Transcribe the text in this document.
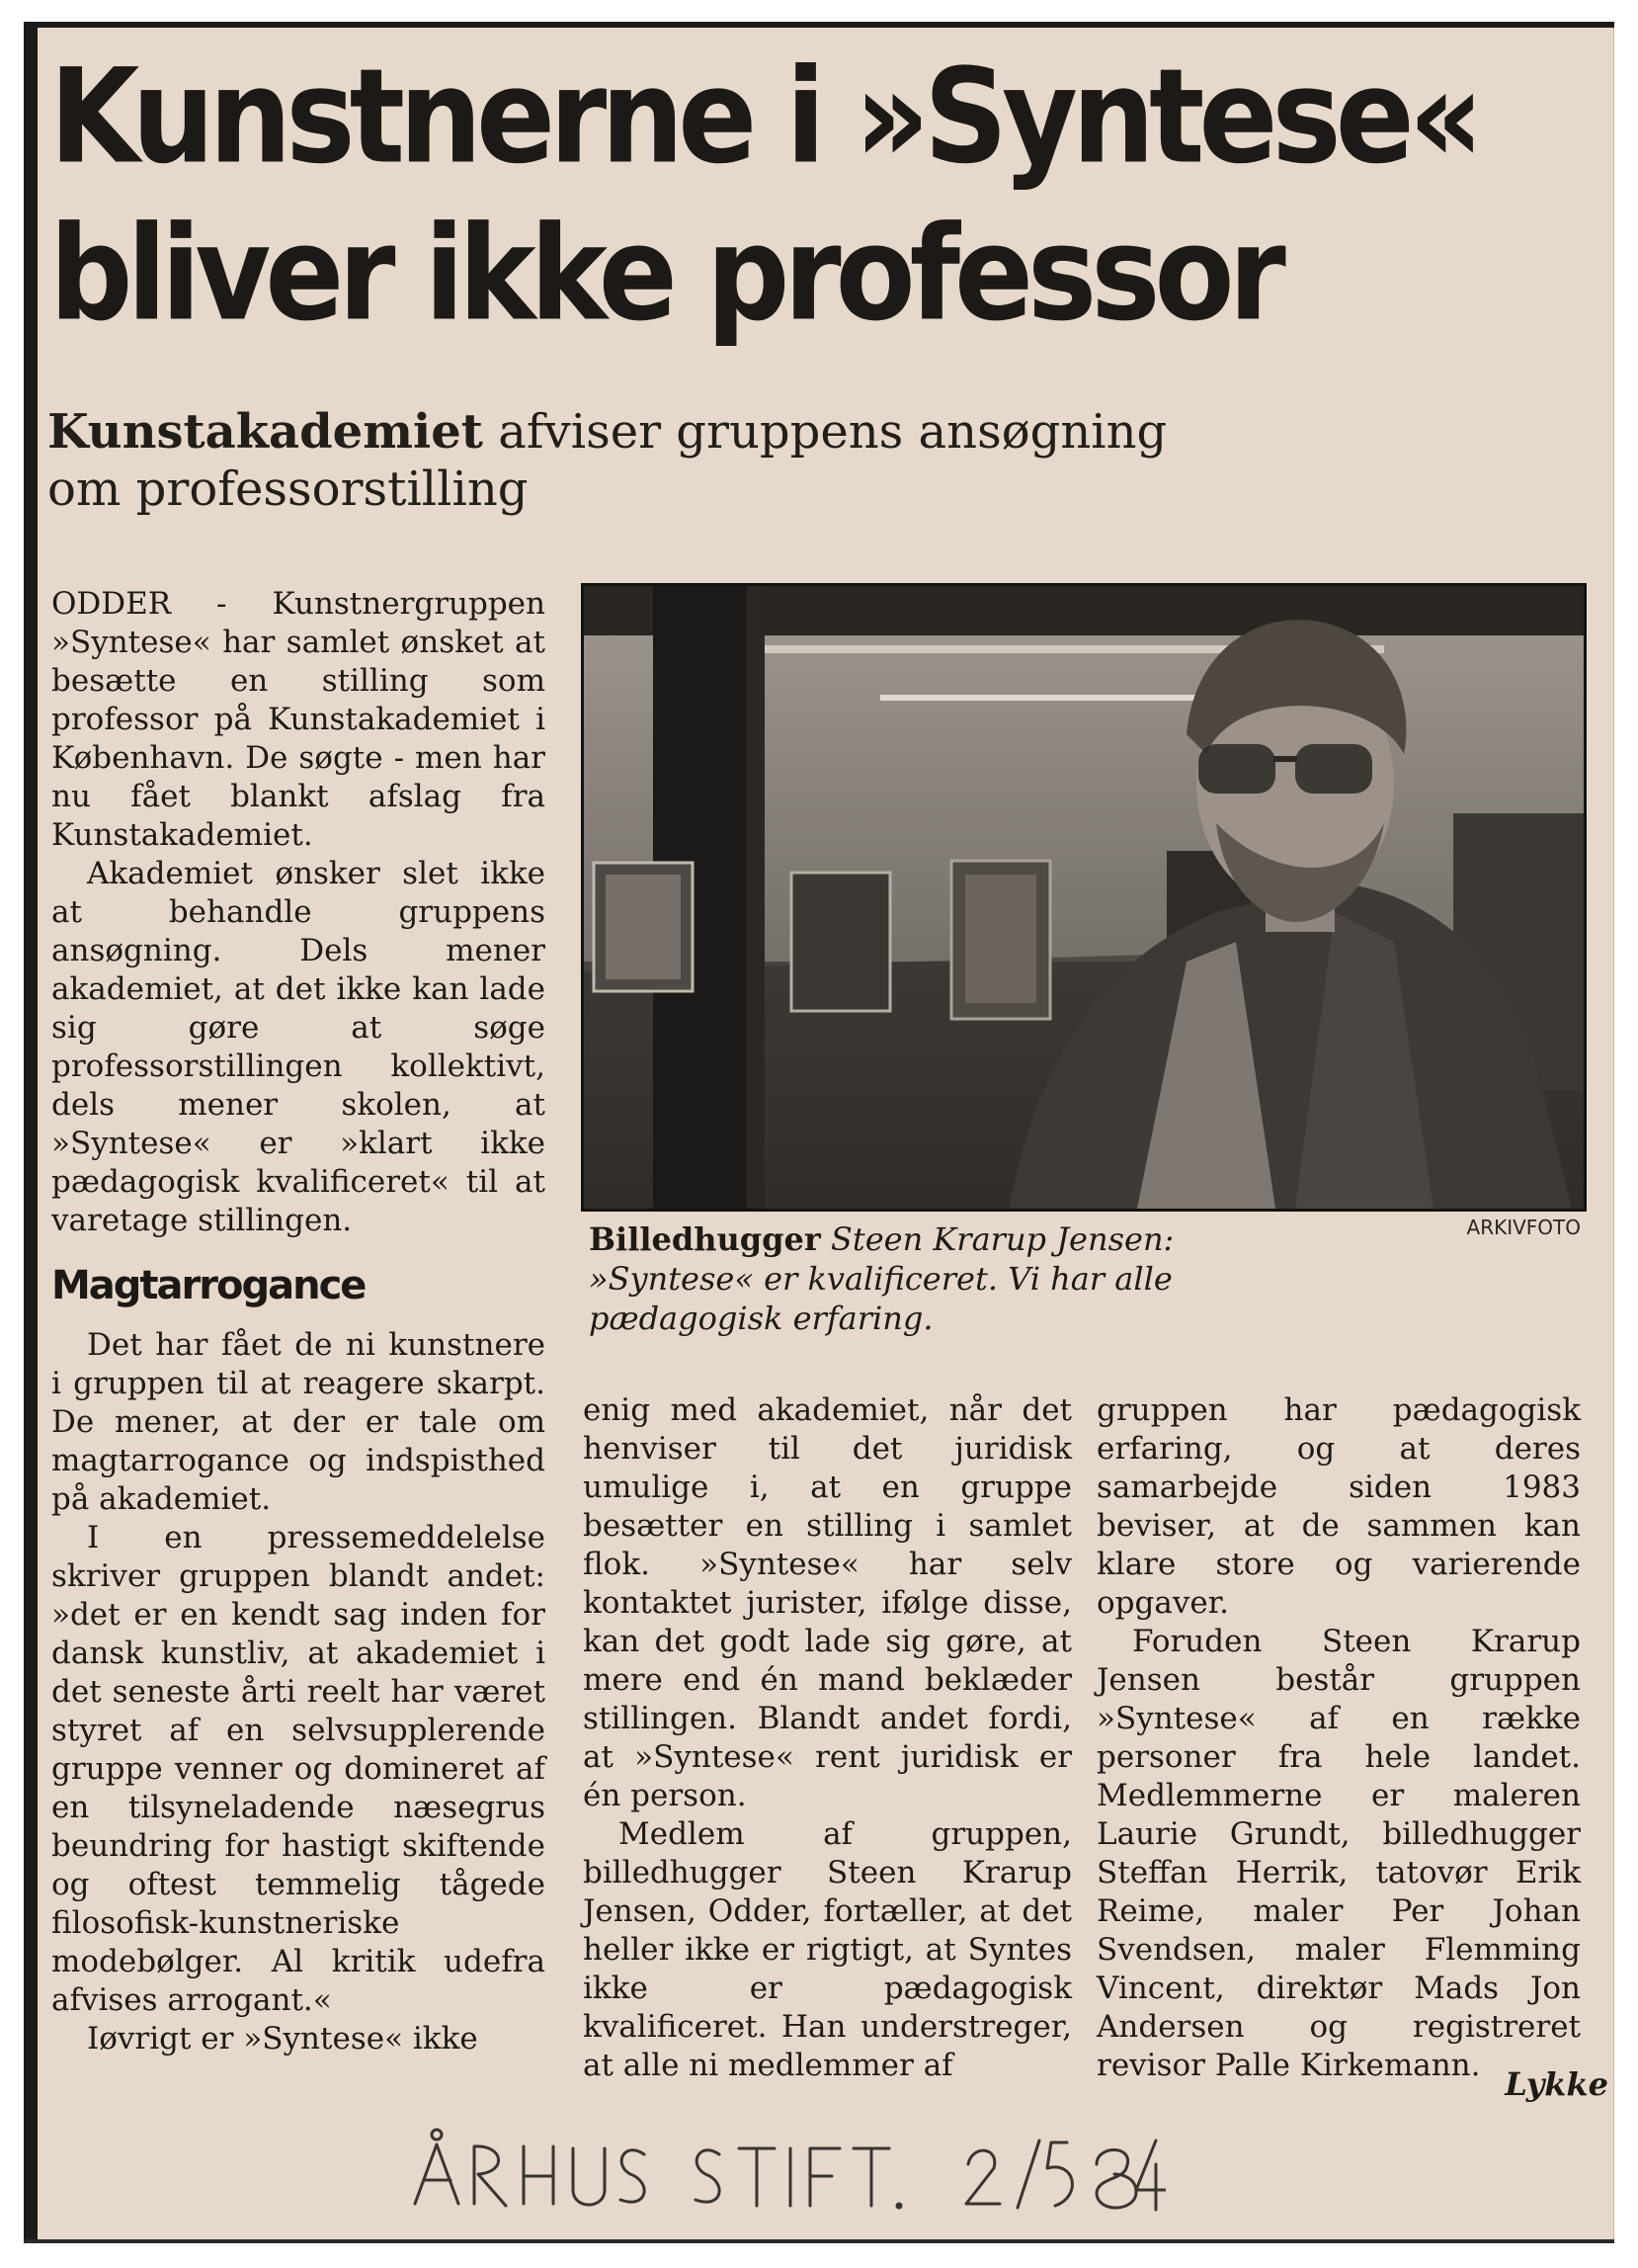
Kunstnerne i »Syntese«
bliver ikke professor
Kunstakademiet afviser gruppens ansøgning
om professorstilling

ODDER - Kunstnergruppen »Syntese« har samlet ønsket at besætte en stilling som professor på Kunstakademiet i København. De søgte - men har nu fået blankt afslag fra Kunstakademiet.

Akademiet ønsker slet ikke at behandle gruppens ansøgning. Dels mener akademiet, at det ikke kan lade sig gøre at søge professorstillingen kollektivt, dels mener skolen, at »Syntese« er »klart ikke pædagogisk kvalificeret« til at varetage stillingen.

Magtarrogance

Det har fået de ni kunstnere i gruppen til at reagere skarpt. De mener, at der er tale om magtarrogance og indspisthed på akademiet.

I en pressemeddelelse skriver gruppen blandt andet: »det er en kendt sag inden for dansk kunstliv, at akademiet i det seneste årti reelt har været styret af en selvsupplerende gruppe venner og domineret af en tilsyneladende næsegrus beundring for hastigt skiftende og oftest temmelig tågede filosofisk-kunstneriske modebølger. Al kritik udefra afvises arrogant.«

Iøvrigt er »Syntese« ikke

ARKIVFOTO
Billedhugger Steen Krarup Jensen:
»Syntese« er kvalificeret. Vi har alle
pædagogisk erfaring.

enig med akademiet, når det henviser til det juridisk umulige i, at en gruppe besætter en stilling i samlet flok. »Syntese« har selv kontaktet jurister, ifølge disse, kan det godt lade sig gøre, at mere end én mand beklæder stillingen. Blandt andet fordi, at »Syntese« rent juridisk er én person.

Medlem af gruppen, billedhugger Steen Krarup Jensen, Odder, fortæller, at det heller ikke er rigtigt, at Syntes ikke er pædagogisk kvalificeret. Han understreger, at alle ni medlemmer af

gruppen har pædagogisk erfaring, og at deres samarbejde siden 1983 beviser, at de sammen kan klare store og varierende opgaver.

Foruden Steen Krarup Jensen består gruppen »Syntese« af en række personer fra hele landet. Medlemmerne er maleren Laurie Grundt, billedhugger Steffan Herrik, tatovør Erik Reime, maler Per Johan Svendsen, maler Flemming Vincent, direktør Mads Jon Andersen og registreret revisor Palle Kirkemann. Lykke
